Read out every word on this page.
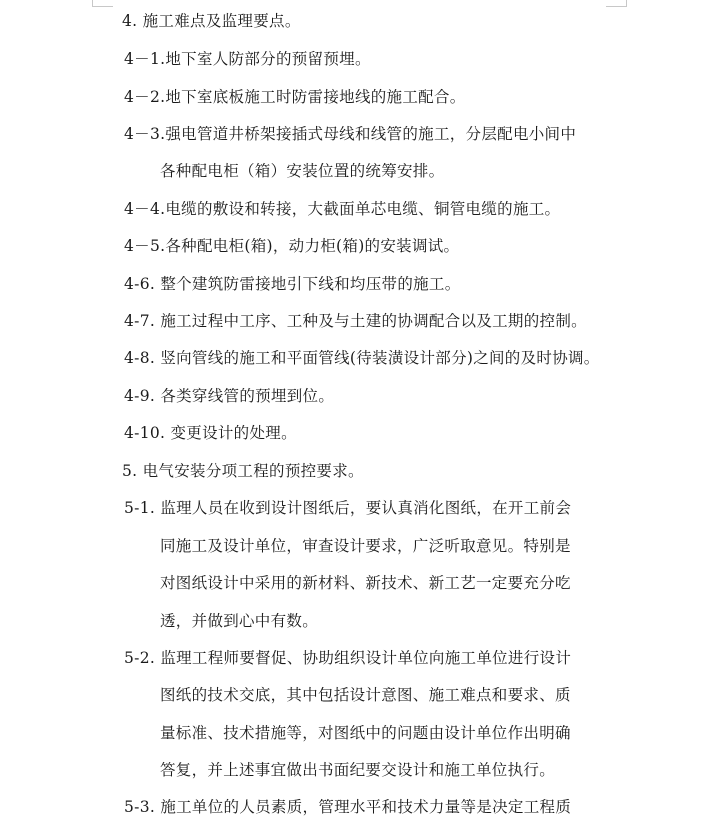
4. 施工难点及监理要点。
4－1.地下室人防部分的预留预埋。
4－2.地下室底板施工时防雷接地线的施工配合。
4－3.强电管道井桥架接插式母线和线管的施工，分层配电小间中
各种配电柜（箱）安装位置的统筹安排。
4－4.电缆的敷设和转接，大截面单芯电缆、铜管电缆的施工。
4－5.各种配电柜(箱)，动力柜(箱)的安装调试。
4-6. 整个建筑防雷接地引下线和均压带的施工。
4-7. 施工过程中工序、工种及与土建的协调配合以及工期的控制。
4-8. 竖向管线的施工和平面管线(待装潢设计部分)之间的及时协调。
4-9. 各类穿线管的预埋到位。
4-10. 变更设计的处理。
5. 电气安装分项工程的预控要求。
5-1. 监理人员在收到设计图纸后，要认真消化图纸，在开工前会
同施工及设计单位，审查设计要求，广泛听取意见。特别是
对图纸设计中采用的新材料、新技术、新工艺一定要充分吃
透，并做到心中有数。
5-2. 监理工程师要督促、协助组织设计单位向施工单位进行设计
图纸的技术交底，其中包括设计意图、施工难点和要求、质
量标准、技术措施等，对图纸中的问题由设计单位作出明确
答复，并上述事宜做出书面纪要交设计和施工单位执行。
5-3. 施工单位的人员素质，管理水平和技术力量等是决定工程质
